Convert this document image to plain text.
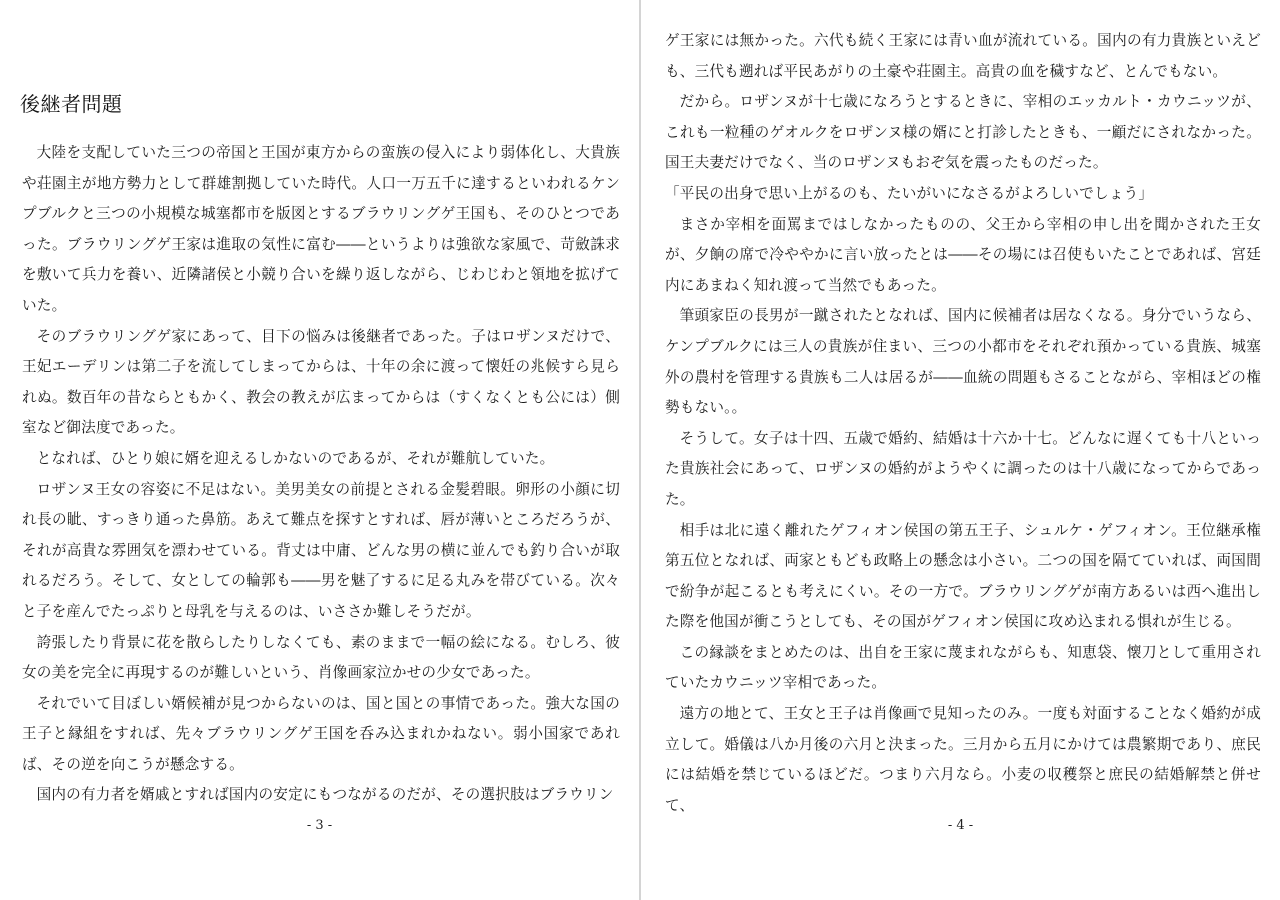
後継者問題

大陸を支配していた三つの帝国と王国が東方からの蛮族の侵入により弱体化し、大貴族や荘園主が地方勢力として群雄割拠していた時代。人口一万五千に達するといわれるケンプブルクと三つの小規模な城塞都市を版図とするブラウリングゲ王国も、そのひとつであった。ブラウリングゲ王家は進取の気性に富む――というよりは強欲な家風で、苛斂誅求を敷いて兵力を養い、近隣諸侯と小競り合いを繰り返しながら、じわじわと領地を拡げていた。

そのブラウリングゲ家にあって、目下の悩みは後継者であった。子はロザンヌだけで、王妃エーデリンは第二子を流してしまってからは、十年の余に渡って懐妊の兆候すら見られぬ。数百年の昔ならともかく、教会の教えが広まってからは（すくなくとも公には）側室など御法度であった。

となれば、ひとり娘に婿を迎えるしかないのであるが、それが難航していた。

ロザンヌ王女の容姿に不足はない。美男美女の前提とされる金髪碧眼。卵形の小顔に切れ長の眦、すっきり通った鼻筋。あえて難点を探すとすれば、唇が薄いところだろうが、それが高貴な雰囲気を漂わせている。背丈は中庸、どんな男の横に並んでも釣り合いが取れるだろう。そして、女としての輪郭も――男を魅了するに足る丸みを帯びている。次々と子を産んでたっぷりと母乳を与えるのは、いささか難しそうだが。

誇張したり背景に花を散らしたりしなくても、素のままで一幅の絵になる。むしろ、彼女の美を完全に再現するのが難しいという、肖像画家泣かせの少女であった。

それでいて目ぼしい婿候補が見つからないのは、国と国との事情であった。強大な国の王子と縁組をすれば、先々ブラウリングゲ王国を呑み込まれかねない。弱小国家であれば、その逆を向こうが懸念する。

国内の有力者を婿戚とすれば国内の安定にもつながるのだが、その選択肢はブラウリン

- 3 -

ゲ王家には無かった。六代も続く王家には青い血が流れている。国内の有力貴族といえども、三代も遡れば平民あがりの土豪や荘園主。高貴の血を穢すなど、とんでもない。

だから。ロザンヌが十七歳になろうとするときに、宰相のエッカルト・カウニッツが、これも一粒種のゲオルクをロザンヌ様の婿にと打診したときも、一顧だにされなかった。国王夫妻だけでなく、当のロザンヌもおぞ気を震ったものだった。

「平民の出身で思い上がるのも、たいがいになさるがよろしいでしょう」

まさか宰相を面罵まではしなかったものの、父王から宰相の申し出を聞かされた王女が、夕餉の席で冷ややかに言い放ったとは――その場には召使もいたことであれば、宮廷内にあまねく知れ渡って当然でもあった。

筆頭家臣の長男が一蹴されたとなれば、国内に候補者は居なくなる。身分でいうなら、ケンプブルクには三人の貴族が住まい、三つの小都市をそれぞれ預かっている貴族、城塞外の農村を管理する貴族も二人は居るが――血統の問題もさることながら、宰相ほどの権勢もない。。

そうして。女子は十四、五歳で婚約、結婚は十六か十七。どんなに遅くても十八といった貴族社会にあって、ロザンヌの婚約がようやくに調ったのは十八歳になってからであった。

相手は北に遠く離れたゲフィオン侯国の第五王子、シュルケ・ゲフィオン。王位継承権第五位となれば、両家ともども政略上の懸念は小さい。二つの国を隔てていれば、両国間で紛争が起こるとも考えにくい。その一方で。ブラウリングゲが南方あるいは西へ進出した際を他国が衝こうとしても、その国がゲフィオン侯国に攻め込まれる惧れが生じる。

この縁談をまとめたのは、出自を王家に蔑まれながらも、知恵袋、懐刀として重用されていたカウニッツ宰相であった。

遠方の地とて、王女と王子は肖像画で見知ったのみ。一度も対面することなく婚約が成立して。婚儀は八か月後の六月と決まった。三月から五月にかけては農繁期であり、庶民には結婚を禁じているほどだ。つまり六月なら。小麦の収穫祭と庶民の結婚解禁と併せて、

- 4 -
